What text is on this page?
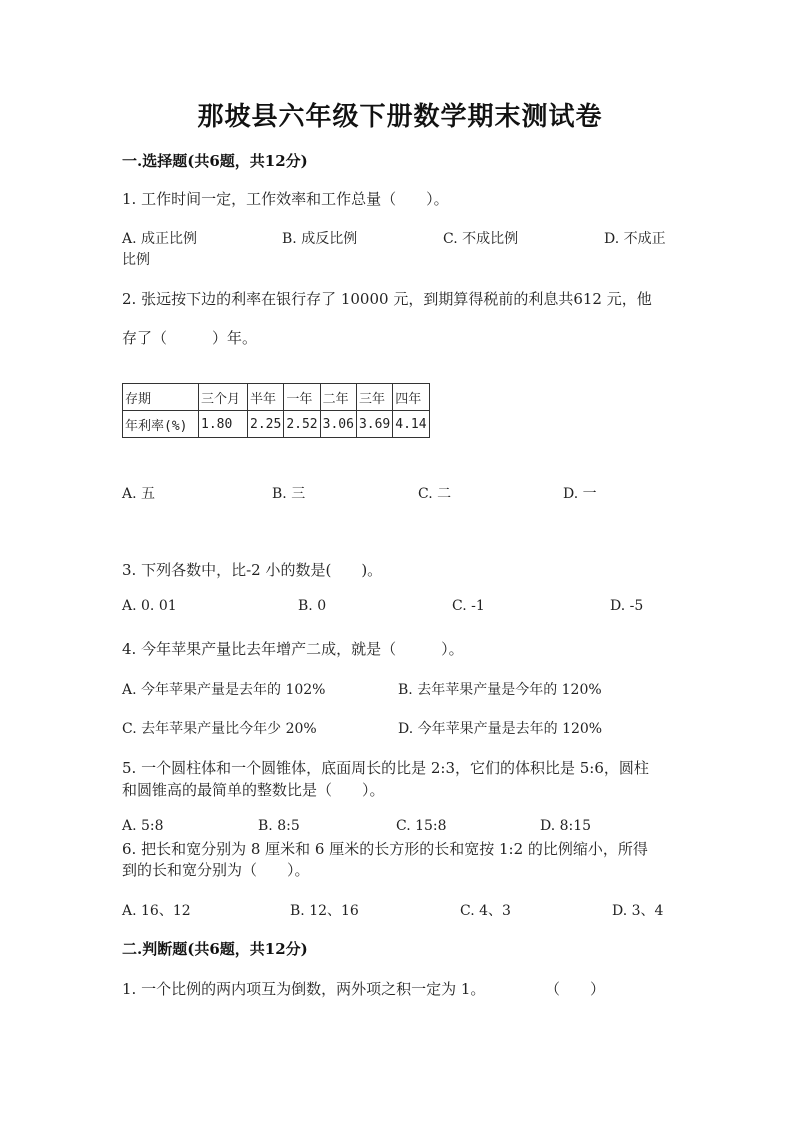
那坡县六年级下册数学期末测试卷
一.选择题(共6题，共12分)
1. 工作时间一定，工作效率和工作总量（　　）。
A. 成正比例	B. 成反比例	C. 不成比例	D. 不成正
比例
2. 张远按下边的利率在银行存了 10000 元，到期算得税前的利息共612 元，他
存了（　　　）年。
存期	三个月	半年	一年	二年	三年	四年
年利率(%)	1.80	2.25	2.52	3.06	3.69	4.14
A. 五	B. 三	C. 二	D. 一
3. 下列各数中，比-2 小的数是(　　)。
A. 0. 01	B. 0	C. -1	D. -5
4. 今年苹果产量比去年增产二成，就是（　　　）。
A. 今年苹果产量是去年的 102%	B. 去年苹果产量是今年的 120%
C. 去年苹果产量比今年少 20%	D. 今年苹果产量是去年的 120%
5. 一个圆柱体和一个圆锥体，底面周长的比是 2:3，它们的体积比是 5:6，圆柱
和圆锥高的最简单的整数比是（　　）。
A. 5:8	B. 8:5	C. 15:8	D. 8:15
6. 把长和宽分别为 8 厘米和 6 厘米的长方形的长和宽按 1:2 的比例缩小，所得
到的长和宽分别为（　　）。
A. 16、12	B. 12、16	C. 4、3	D. 3、4
二.判断题(共6题，共12分)
1. 一个比例的两内项互为倒数，两外项之积一定为 1。	（　　）
